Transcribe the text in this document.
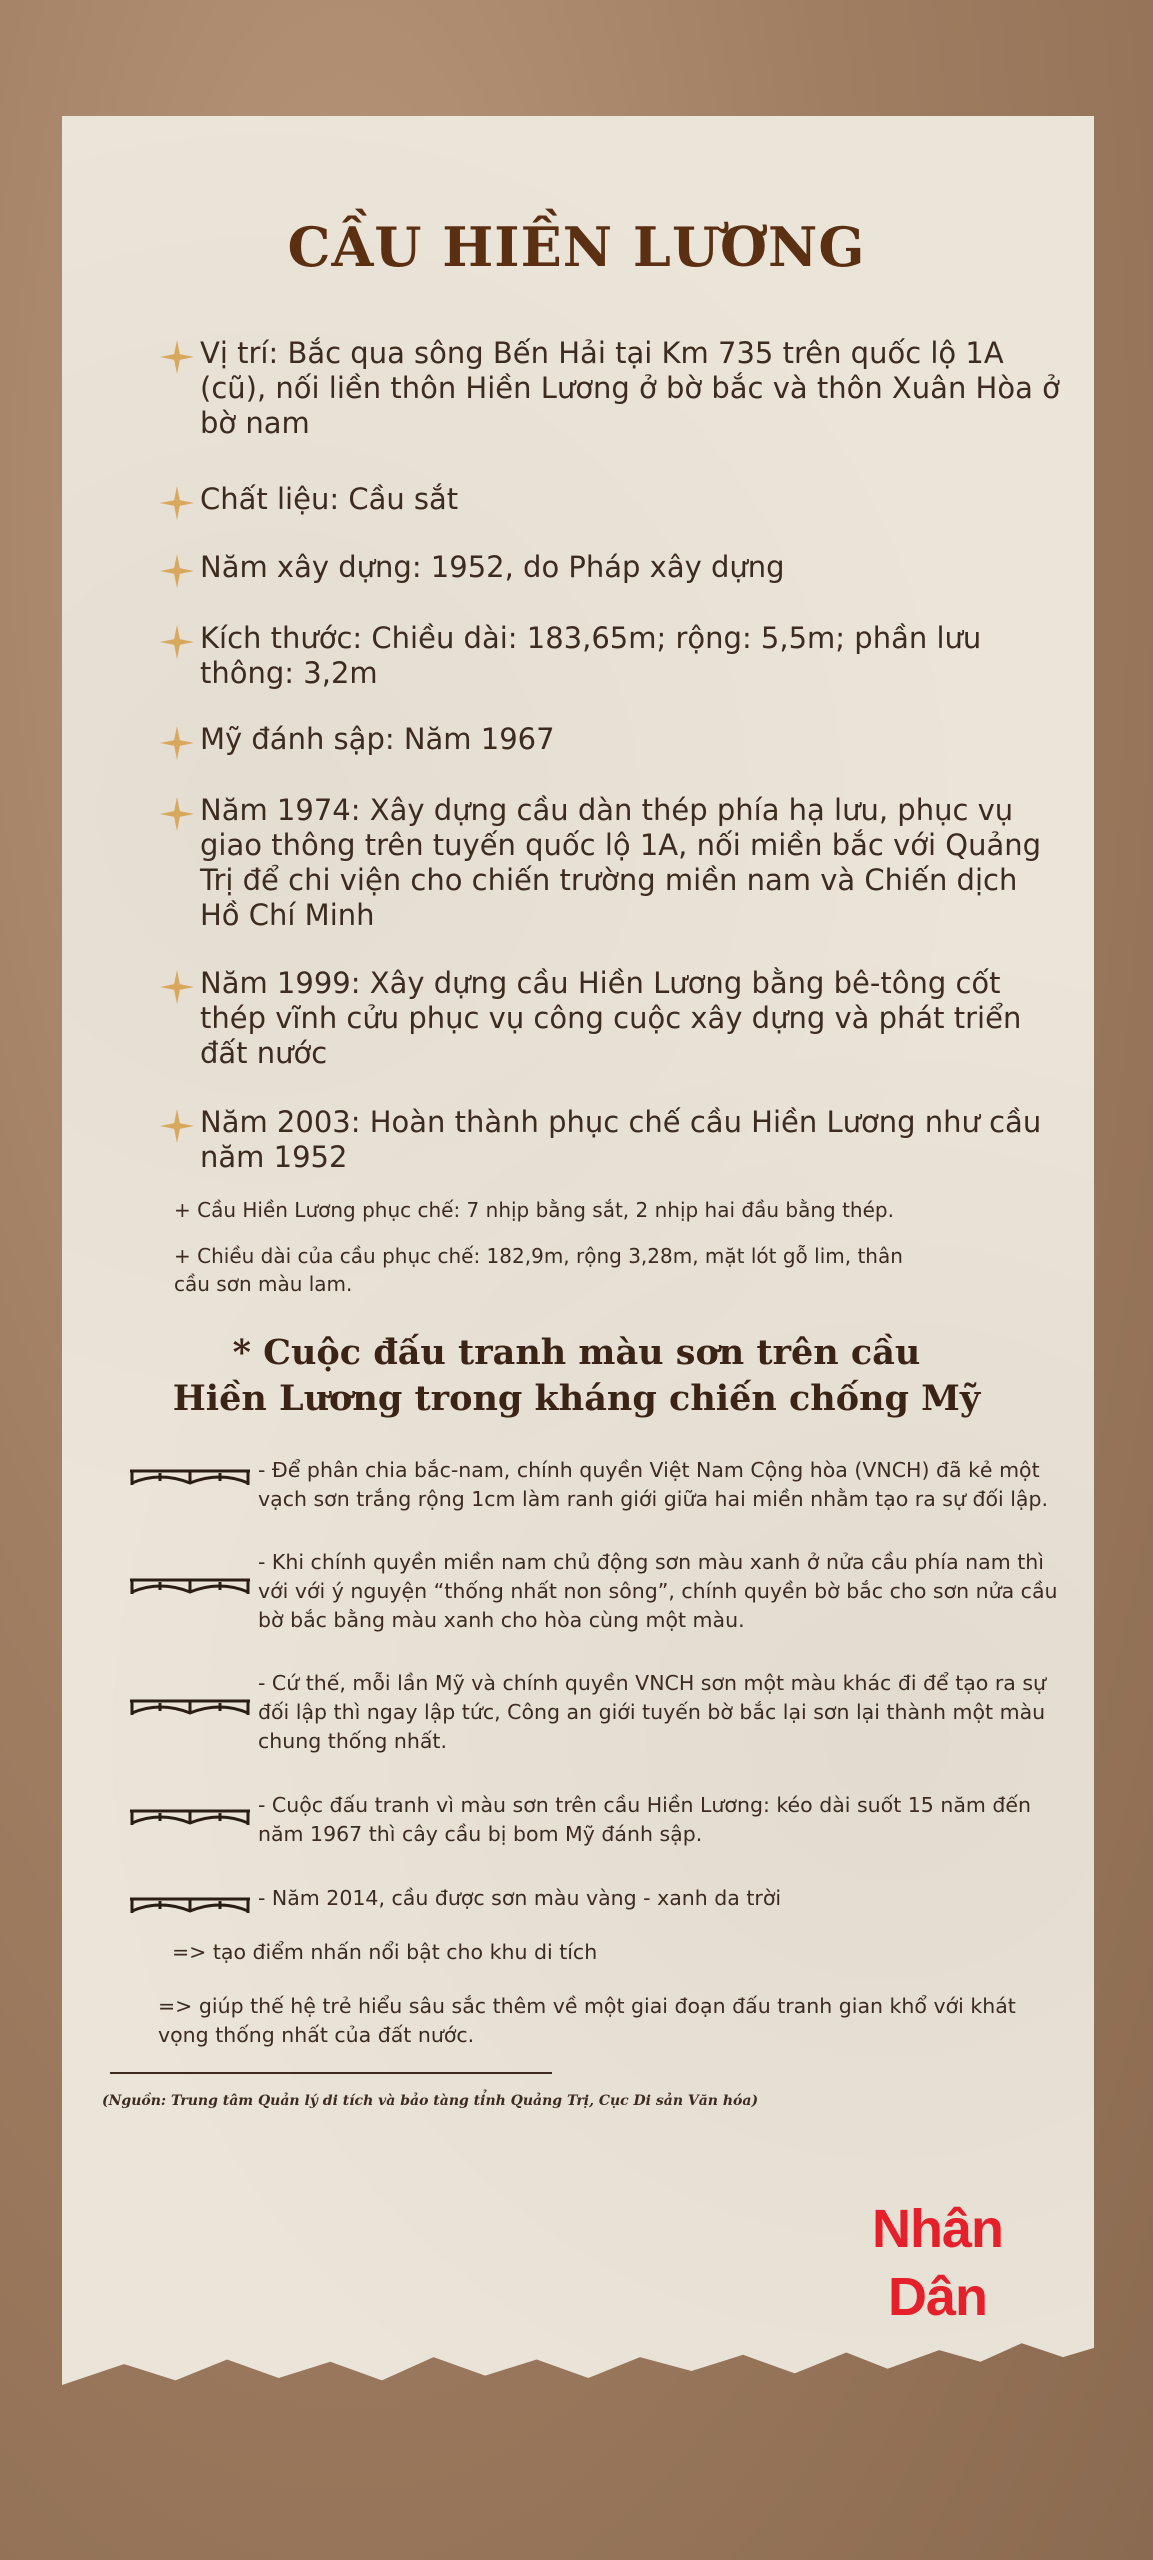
CẦU HIỀN LƯƠNG
Vị trí: Bắc qua sông Bến Hải tại Km 735 trên quốc lộ 1A (cũ), nối liền thôn Hiền Lương ở bờ bắc và thôn Xuân Hòa ở bờ nam
Chất liệu: Cầu sắt
Năm xây dựng: 1952, do Pháp xây dựng
Kích thước: Chiều dài: 183,65m; rộng: 5,5m; phần lưu thông: 3,2m
Mỹ đánh sập: Năm 1967
Năm 1974: Xây dựng cầu dàn thép phía hạ lưu, phục vụ giao thông trên tuyến quốc lộ 1A, nối miền bắc với Quảng Trị để chi viện cho chiến trường miền nam và Chiến dịch Hồ Chí Minh
Năm 1999: Xây dựng cầu Hiền Lương bằng bê-tông cốt thép vĩnh cửu phục vụ công cuộc xây dựng và phát triển đất nước
Năm 2003: Hoàn thành phục chế cầu Hiền Lương như cầu năm 1952
+ Cầu Hiền Lương phục chế: 7 nhịp bằng sắt, 2 nhịp hai đầu bằng thép.
+ Chiều dài của cầu phục chế: 182,9m, rộng 3,28m, mặt lót gỗ lim, thân cầu sơn màu lam.
* Cuộc đấu tranh màu sơn trên cầu
Hiền Lương trong kháng chiến chống Mỹ
- Để phân chia bắc-nam, chính quyền Việt Nam Cộng hòa (VNCH) đã kẻ một vạch sơn trắng rộng 1cm làm ranh giới giữa hai miền nhằm tạo ra sự đối lập.
- Khi chính quyền miền nam chủ động sơn màu xanh ở nửa cầu phía nam thì với với ý nguyện “thống nhất non sông”, chính quyền bờ bắc cho sơn nửa cầu bờ bắc bằng màu xanh cho hòa cùng một màu.
- Cứ thế, mỗi lần Mỹ và chính quyền VNCH sơn một màu khác đi để tạo ra sự đối lập thì ngay lập tức, Công an giới tuyến bờ bắc lại sơn lại thành một màu chung thống nhất.
- Cuộc đấu tranh vì màu sơn trên cầu Hiền Lương: kéo dài suốt 15 năm đến năm 1967 thì cây cầu bị bom Mỹ đánh sập.
- Năm 2014, cầu được sơn màu vàng - xanh da trời
=> tạo điểm nhấn nổi bật cho khu di tích
=> giúp thế hệ trẻ hiểu sâu sắc thêm về một giai đoạn đấu tranh gian khổ với khát vọng thống nhất của đất nước.
(Nguồn: Trung tâm Quản lý di tích và bảo tàng tỉnh Quảng Trị, Cục Di sản Văn hóa)
Nhân Dân
